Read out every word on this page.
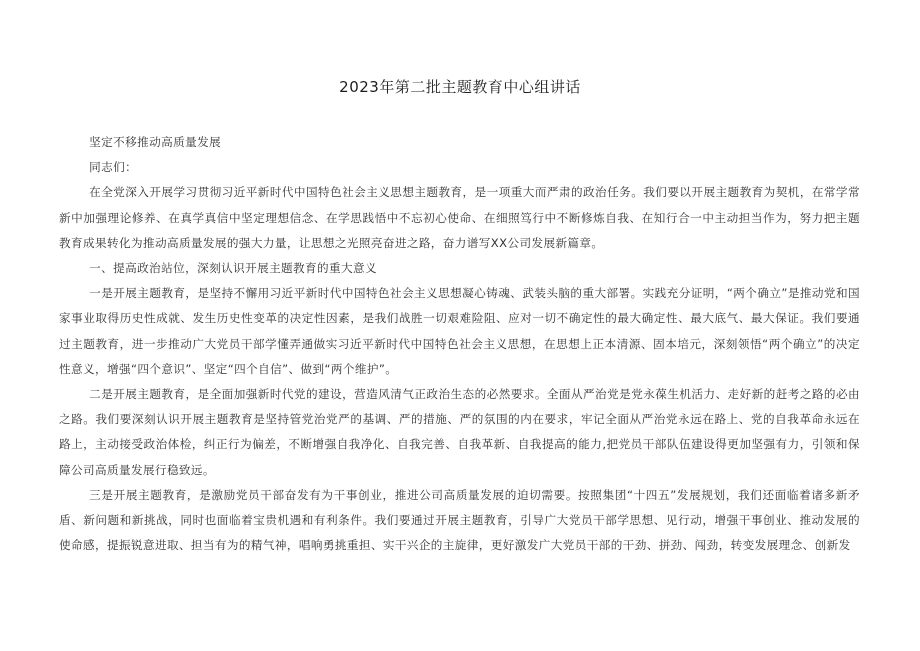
2023年第二批主题教育中心组讲话

坚定不移推动高质量发展

同志们：

在全党深入开展学习贯彻习近平新时代中国特色社会主义思想主题教育，是一项重大而严肃的政治任务。我们要以开展主题教育为契机，在常学常新中加强理论修养、在真学真信中坚定理想信念、在学思践悟中不忘初心使命、在细照笃行中不断修炼自我、在知行合一中主动担当作为，努力把主题教育成果转化为推动高质量发展的强大力量，让思想之光照亮奋进之路，奋力谱写XX公司发展新篇章。

一、提高政治站位，深刻认识开展主题教育的重大意义

一是开展主题教育，是坚持不懈用习近平新时代中国特色社会主义思想凝心铸魂、武装头脑的重大部署。实践充分证明，“两个确立”是推动党和国家事业取得历史性成就、发生历史性变革的决定性因素，是我们战胜一切艰难险阻、应对一切不确定性的最大确定性、最大底气、最大保证。我们要通过主题教育，进一步推动广大党员干部学懂弄通做实习近平新时代中国特色社会主义思想，在思想上正本清源、固本培元，深刻领悟“两个确立”的决定性意义，增强“四个意识”、坚定“四个自信”、做到“两个维护”。

二是开展主题教育，是全面加强新时代党的建设，营造风清气正政治生态的必然要求。全面从严治党是党永葆生机活力、走好新的赶考之路的必由之路。我们要深刻认识开展主题教育是坚持管党治党严的基调、严的措施、严的氛围的内在要求，牢记全面从严治党永远在路上、党的自我革命永远在路上，主动接受政治体检，纠正行为偏差，不断增强自我净化、自我完善、自我革新、自我提高的能力,把党员干部队伍建设得更加坚强有力，引领和保障公司高质量发展行稳致远。

三是开展主题教育，是激励党员干部奋发有为干事创业，推进公司高质量发展的迫切需要。按照集团“十四五”发展规划，我们还面临着诸多新矛盾、新问题和新挑战，同时也面临着宝贵机遇和有利条件。我们要通过开展主题教育，引导广大党员干部学思想、见行动，增强干事创业、推动发展的使命感，提振锐意进取、担当有为的精气神，唱响勇挑重担、实干兴企的主旋律，更好激发广大党员干部的干劲、拼劲、闯劲，转变发展理念、创新发
